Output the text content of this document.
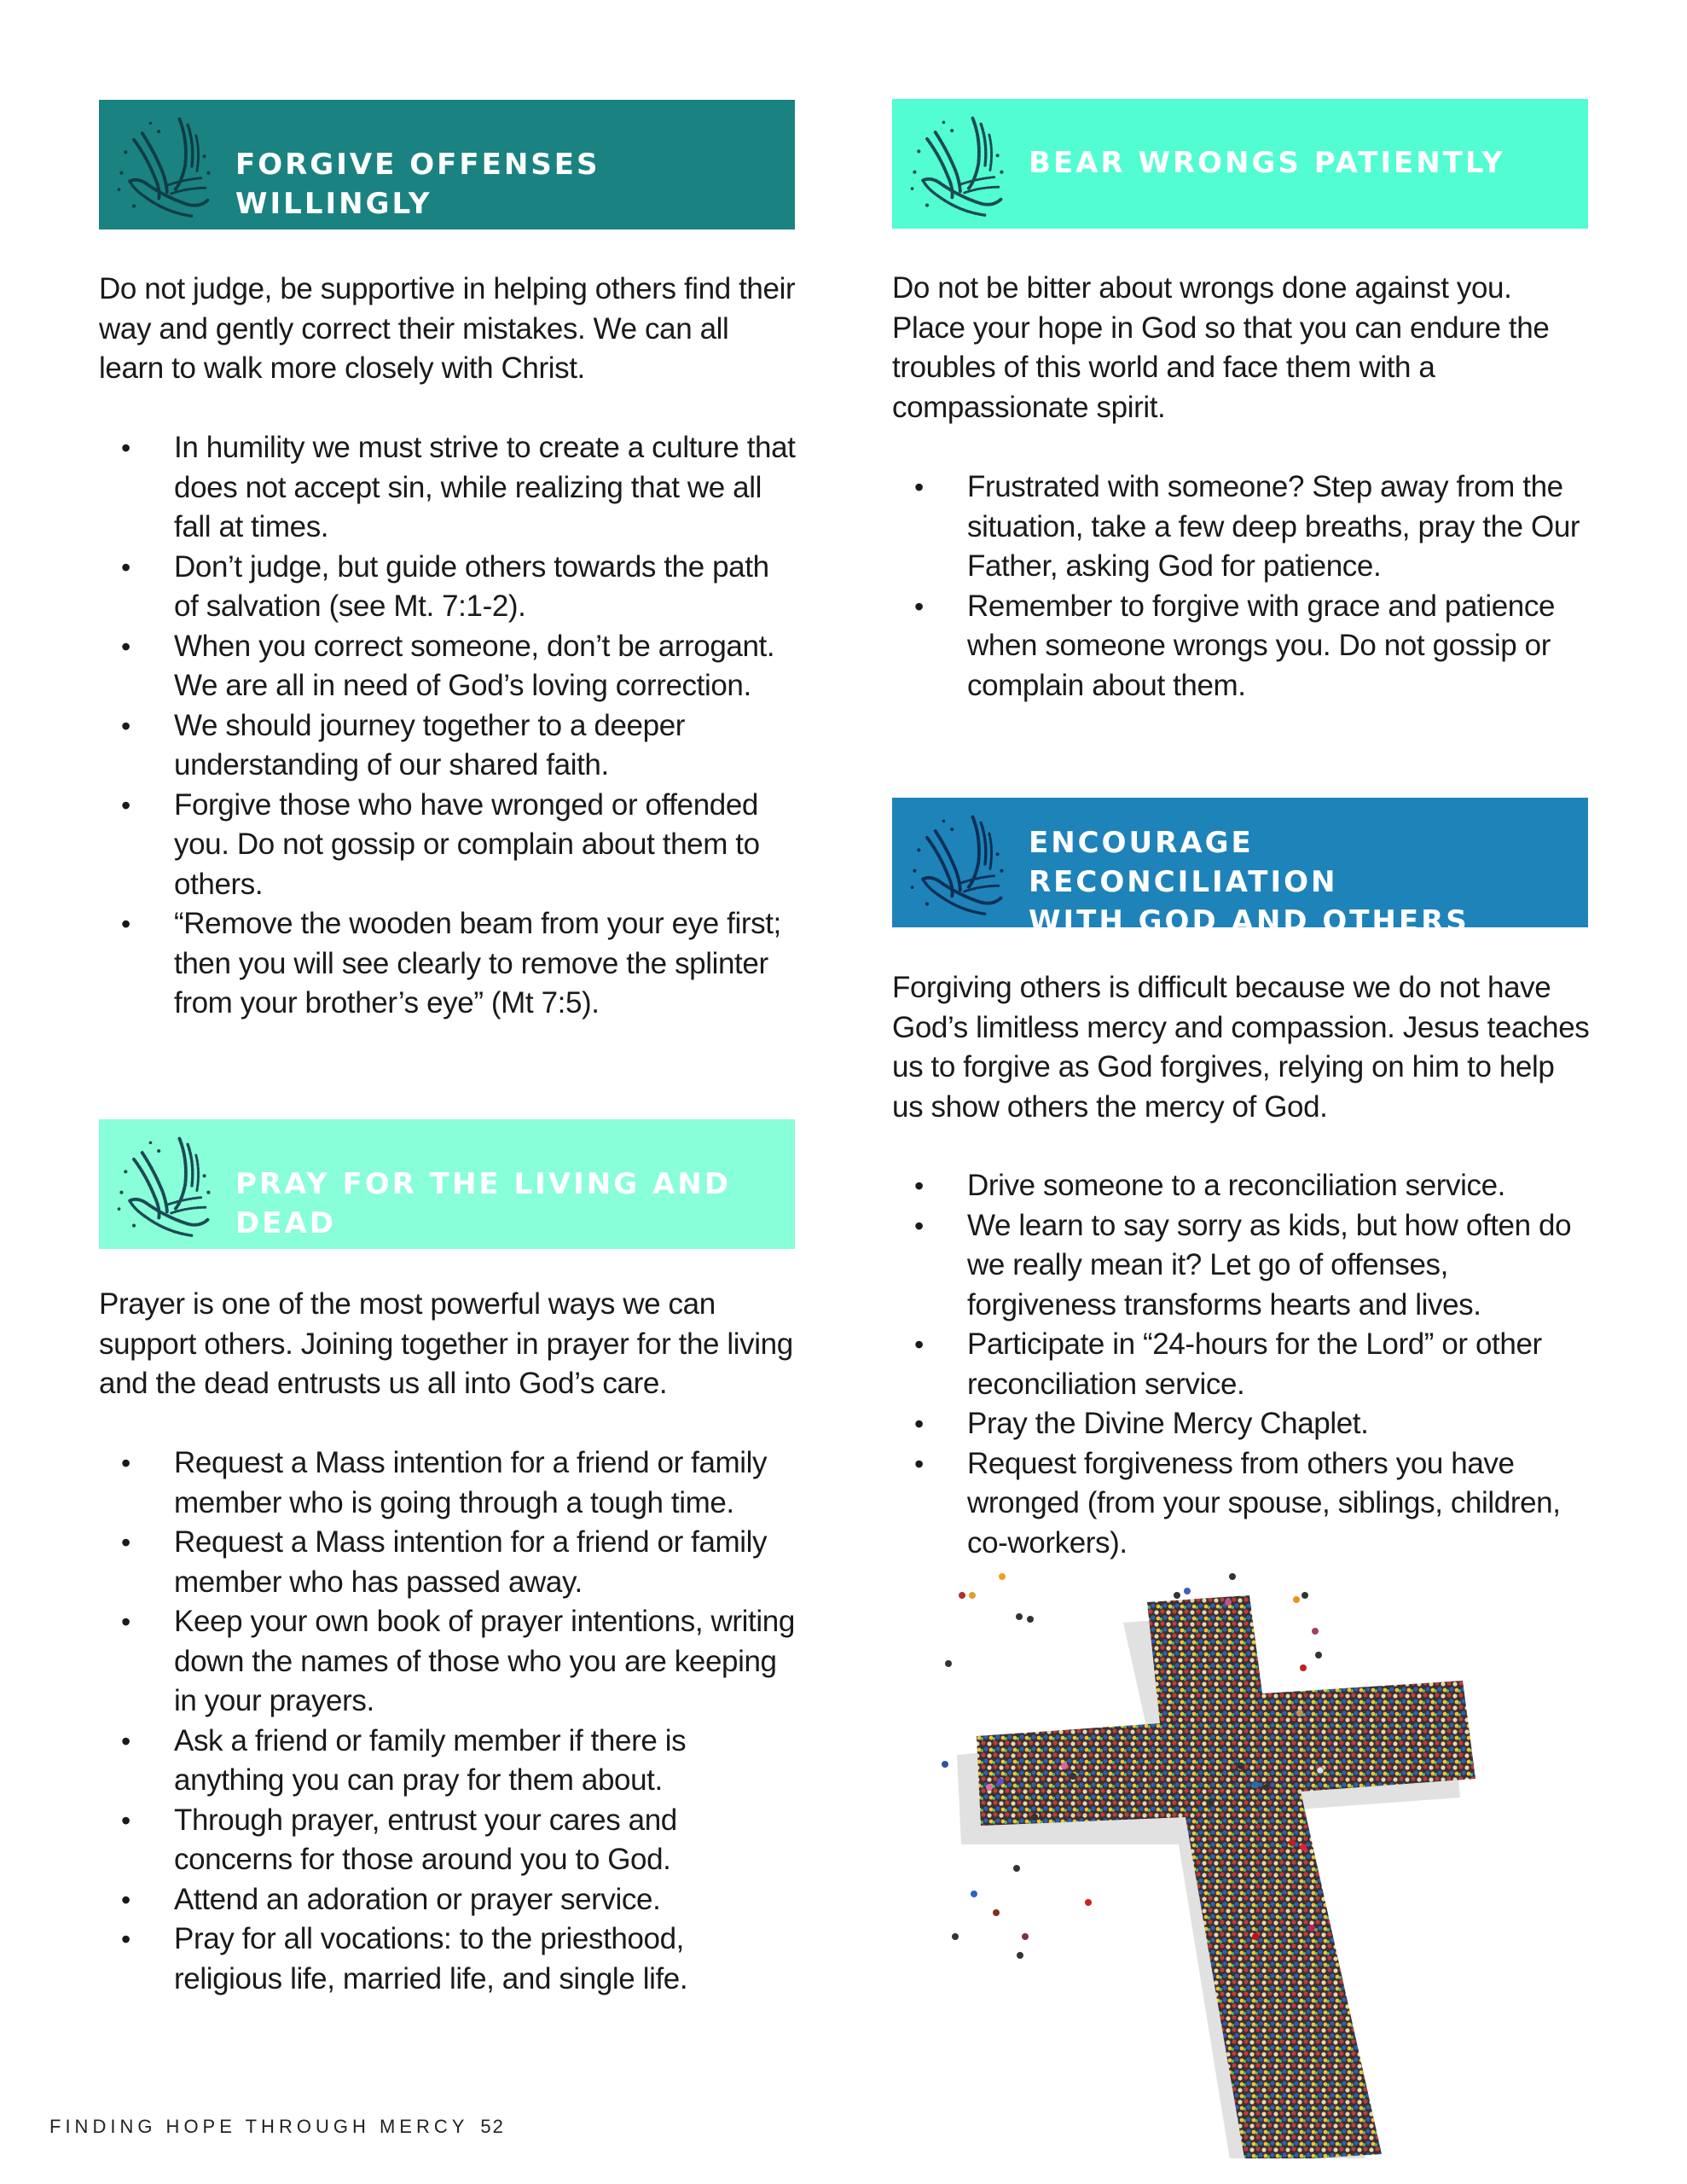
FORGIVE OFFENSES WILLINGLY
Do not judge, be supportive in helping others find their way and gently correct their mistakes. We can all learn to walk more closely with Christ.
• In humility we must strive to create a culture that does not accept sin, while realizing that we all fall at times.
• Don’t judge, but guide others towards the path of salvation (see Mt. 7:1-2).
• When you correct someone, don’t be arrogant. We are all in need of God’s loving correction.
• We should journey together to a deeper understanding of our shared faith.
• Forgive those who have wronged or offended you. Do not gossip or complain about them to others.
• “Remove the wooden beam from your eye first; then you will see clearly to remove the splinter from your brother’s eye” (Mt 7:5).
PRAY FOR THE LIVING AND DEAD
Prayer is one of the most powerful ways we can support others. Joining together in prayer for the living and the dead entrusts us all into God’s care.
• Request a Mass intention for a friend or family member who is going through a tough time.
• Request a Mass intention for a friend or family member who has passed away.
• Keep your own book of prayer intentions, writing down the names of those who you are keeping in your prayers.
• Ask a friend or family member if there is anything you can pray for them about.
• Through prayer, entrust your cares and concerns for those around you to God.
• Attend an adoration or prayer service.
• Pray for all vocations: to the priesthood, religious life, married life, and single life.
BEAR WRONGS PATIENTLY
Do not be bitter about wrongs done against you. Place your hope in God so that you can endure the troubles of this world and face them with a compassionate spirit.
• Frustrated with someone? Step away from the situation, take a few deep breaths, pray the Our Father, asking God for patience.
• Remember to forgive with grace and patience when someone wrongs you. Do not gossip or complain about them.
ENCOURAGE RECONCILIATION
WITH GOD AND OTHERS
Forgiving others is difficult because we do not have God’s limitless mercy and compassion. Jesus teaches us to forgive as God forgives, relying on him to help us show others the mercy of God.
• Drive someone to a reconciliation service.
• We learn to say sorry as kids, but how often do we really mean it? Let go of offenses, forgiveness transforms hearts and lives.
• Participate in “24-hours for the Lord” or other reconciliation service.
• Pray the Divine Mercy Chaplet.
• Request forgiveness from others you have wronged (from your spouse, siblings, children, co-workers).
FINDING HOPE THROUGH MERCY 52
